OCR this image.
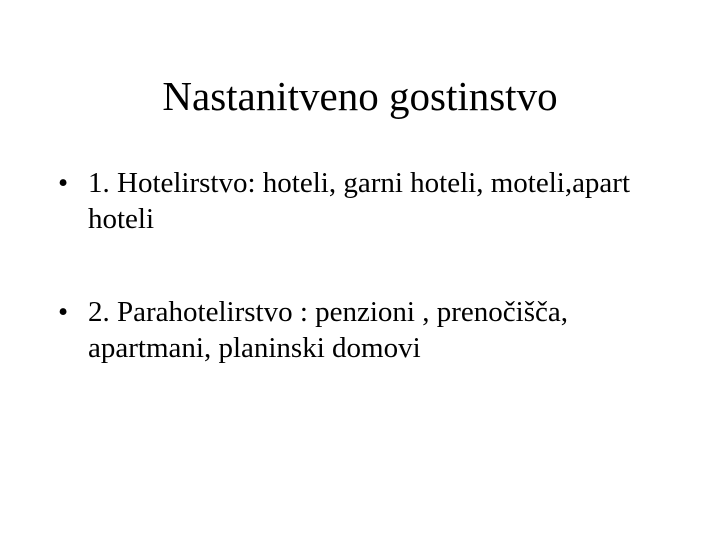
Nastanitveno gostinstvo
• 1. Hotelirstvo: hoteli, garni hoteli, moteli,apart hoteli
• 2. Parahotelirstvo : penzioni , prenočišča, apartmani, planinski domovi
